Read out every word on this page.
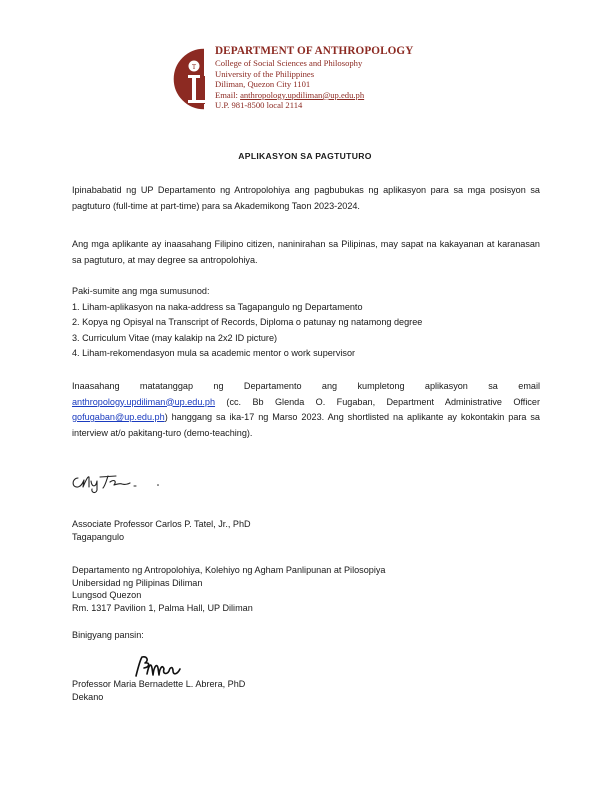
T
DEPARTMENT OF ANTHROPOLOGY
College of Social Sciences and Philosophy
University of the Philippines
Diliman, Quezon City 1101
Email: anthropology.updiliman@up.edu.ph
U.P. 981-8500 local 2114
APLIKASYON SA PAGTUTURO
Ipinababatid ng UP Departamento ng Antropolohiya ang pagbubukas ng aplikasyon para sa mga posisyon sa pagtuturo (full-time at part-time) para sa Akademikong Taon 2023-2024.
Ang mga aplikante ay inaasahang Filipino citizen, naninirahan sa Pilipinas, may sapat na kakayanan at karanasan sa pagtuturo, at may degree sa antropolohiya.
Paki-sumite ang mga sumusunod:
1. Liham-aplikasyon na naka-address sa Tagapangulo ng Departamento
2. Kopya ng Opisyal na Transcript of Records, Diploma o patunay ng natamong degree
3. Curriculum Vitae (may kalakip na 2x2 ID picture)
4. Liham-rekomendasyon mula sa academic mentor o work supervisor
Inaasahang matatanggap ng Departamento ang kumpletong aplikasyon sa email anthropology.updiliman@up.edu.ph (cc. Bb Glenda O. Fugaban, Department Administrative Officer gofugaban@up.edu.ph) hanggang sa ika-17 ng Marso 2023. Ang shortlisted na aplikante ay kokontakin para sa interview at/o pakitang-turo (demo-teaching).
Associate Professor Carlos P. Tatel, Jr., PhD
Tagapangulo
Departamento ng Antropolohiya, Kolehiyo ng Agham Panlipunan at Pilosopiya
Unibersidad ng Pilipinas Diliman
Lungsod Quezon
Rm. 1317 Pavilion 1, Palma Hall, UP Diliman
Binigyang pansin:
Professor Maria Bernadette L. Abrera, PhD
Dekano
